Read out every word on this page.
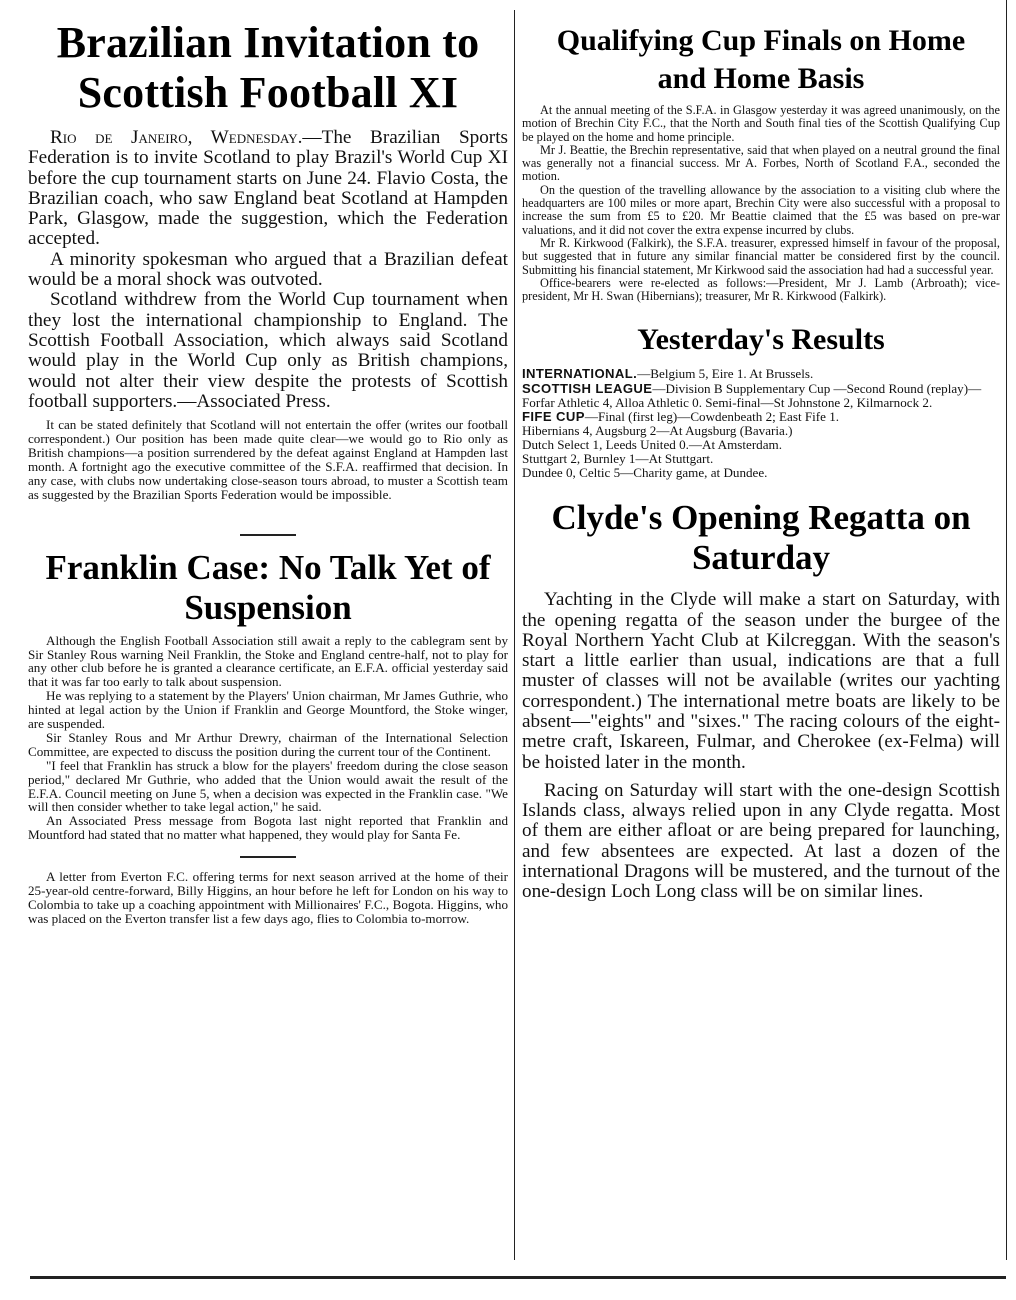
Brazilian Invitation to
Scottish Football XI

Rio de Janeiro, Wednesday.—The Brazilian Sports Federation is to invite Scotland to play Brazil's World Cup XI before the cup tournament starts on June 24. Flavio Costa, the Brazilian coach, who saw England beat Scotland at Hampden Park, Glasgow, made the suggestion, which the Federation accepted.

A minority spokesman who argued that a Brazilian defeat would be a moral shock was outvoted.

Scotland withdrew from the World Cup tournament when they lost the international championship to England. The Scottish Football Association, which always said Scotland would play in the World Cup only as British champions, would not alter their view despite the protests of Scottish football supporters.—Associated Press.

It can be stated definitely that Scotland will not entertain the offer (writes our football correspondent.) Our position has been made quite clear—we would go to Rio only as British champions—a position surrendered by the defeat against England at Hampden last month. A fortnight ago the executive committee of the S.F.A. reaffirmed that decision. In any case, with clubs now undertaking close-season tours abroad, to muster a Scottish team as suggested by the Brazilian Sports Federation would be impossible.

Franklin Case: No Talk Yet of
Suspension

Although the English Football Association still await a reply to the cablegram sent by Sir Stanley Rous warning Neil Franklin, the Stoke and England centre-half, not to play for any other club before he is granted a clearance certificate, an E.F.A. official yesterday said that it was far too early to talk about suspension.

He was replying to a statement by the Players' Union chairman, Mr James Guthrie, who hinted at legal action by the Union if Franklin and George Mountford, the Stoke winger, are suspended.

Sir Stanley Rous and Mr Arthur Drewry, chairman of the International Selection Committee, are expected to discuss the position during the current tour of the Continent.

"I feel that Franklin has struck a blow for the players' freedom during the close season period," declared Mr Guthrie, who added that the Union would await the result of the E.F.A. Council meeting on June 5, when a decision was expected in the Franklin case. "We will then consider whether to take legal action," he said.

An Associated Press message from Bogota last night reported that Franklin and Mountford had stated that no matter what happened, they would play for Santa Fe.

A letter from Everton F.C. offering terms for next season arrived at the home of their 25-year-old centre-forward, Billy Higgins, an hour before he left for London on his way to Colombia to take up a coaching appointment with Millionaires' F.C., Bogota. Higgins, who was placed on the Everton transfer list a few days ago, flies to Colombia to-morrow.

Qualifying Cup Finals on Home
and Home Basis

At the annual meeting of the S.F.A. in Glasgow yesterday it was agreed unanimously, on the motion of Brechin City F.C., that the North and South final ties of the Scottish Qualifying Cup be played on the home and home principle.

Mr J. Beattie, the Brechin representative, said that when played on a neutral ground the final was generally not a financial success. Mr A. Forbes, North of Scotland F.A., seconded the motion.

On the question of the travelling allowance by the association to a visiting club where the headquarters are 100 miles or more apart, Brechin City were also successful with a proposal to increase the sum from £5 to £20. Mr Beattie claimed that the £5 was based on pre-war valuations, and it did not cover the extra expense incurred by clubs.

Mr R. Kirkwood (Falkirk), the S.F.A. treasurer, expressed himself in favour of the proposal, but suggested that in future any similar financial matter be considered first by the council. Submitting his financial statement, Mr Kirkwood said the association had had a successful year.

Office-bearers were re-elected as follows:—President, Mr J. Lamb (Arbroath); vice-president, Mr H. Swan (Hibernians); treasurer, Mr R. Kirkwood (Falkirk).

Yesterday's Results

INTERNATIONAL.—Belgium 5, Eire 1. At Brussels.

SCOTTISH LEAGUE—Division B Supplementary Cup —Second Round (replay)—Forfar Athletic 4, Alloa Athletic 0. Semi-final—St Johnstone 2, Kilmarnock 2.

FIFE CUP—Final (first leg)—Cowdenbeath 2; East Fife 1.

Hibernians 4, Augsburg 2—At Augsburg (Bavaria.)

Dutch Select 1, Leeds United 0.—At Amsterdam.

Stuttgart 2, Burnley 1—At Stuttgart.

Dundee 0, Celtic 5—Charity game, at Dundee.

Clyde's Opening Regatta on
Saturday

Yachting in the Clyde will make a start on Saturday, with the opening regatta of the season under the burgee of the Royal Northern Yacht Club at Kilcreggan. With the season's start a little earlier than usual, indications are that a full muster of classes will not be available (writes our yachting correspondent.) The international metre boats are likely to be absent—"eights" and "sixes." The racing colours of the eight-metre craft, Iskareen, Fulmar, and Cherokee (ex-Felma) will be hoisted later in the month.

Racing on Saturday will start with the one-design Scottish Islands class, always relied upon in any Clyde regatta. Most of them are either afloat or are being prepared for launching, and few absentees are expected. At last a dozen of the international Dragons will be mustered, and the turnout of the one-design Loch Long class will be on similar lines.
